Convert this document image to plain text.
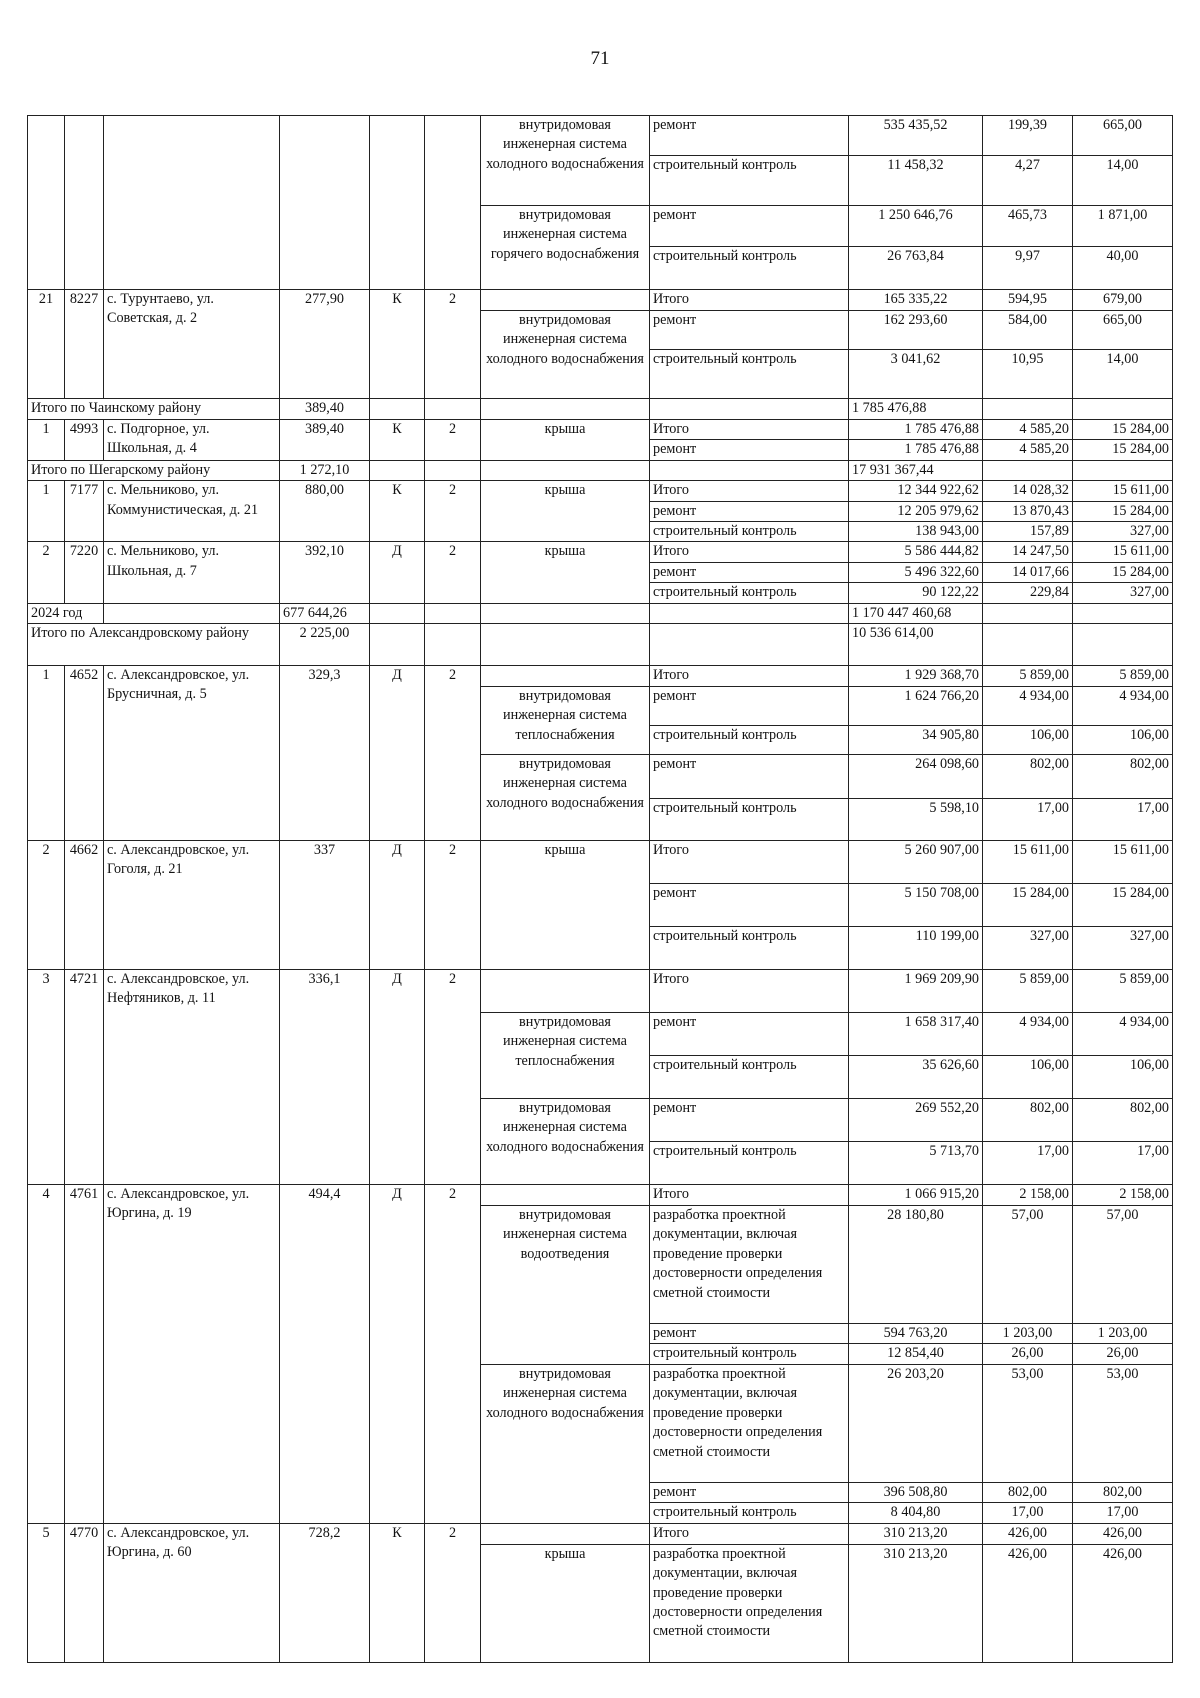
71
						внутридомовая инженерная система холодного водоснабжения	ремонт	535 435,52	199,39	665,00
							строительный контроль	11 458,32	4,27	14,00
						внутридомовая инженерная система горячего водоснабжения	ремонт	1 250 646,76	465,73	1 871,00
							строительный контроль	26 763,84	9,97	40,00
21	8227	с. Турунтаево, ул. Советская, д. 2	277,90	К	2		Итого	165 335,22	594,95	679,00
						внутридомовая инженерная система холодного водоснабжения	ремонт	162 293,60	584,00	665,00
							строительный контроль	3 041,62	10,95	14,00
Итого по Чаинскому району			389,40					1 785 476,88		
1	4993	с. Подгорное, ул. Школьная, д. 4	389,40	К	2	крыша	Итого	1 785 476,88	4 585,20	15 284,00
							ремонт	1 785 476,88	4 585,20	15 284,00
Итого по Шегарскому району			1 272,10					17 931 367,44		
1	7177	с. Мельниково, ул. Коммунистическая, д. 21	880,00	К	2	крыша	Итого	12 344 922,62	14 028,32	15 611,00
							ремонт	12 205 979,62	13 870,43	15 284,00
							строительный контроль	138 943,00	157,89	327,00
2	7220	с. Мельниково, ул. Школьная, д. 7	392,10	Д	2	крыша	Итого	5 586 444,82	14 247,50	15 611,00
							ремонт	5 496 322,60	14 017,66	15 284,00
							строительный контроль	90 122,22	229,84	327,00
2024 год			677 644,26					1 170 447 460,68		
Итого по Александровскому району			2 225,00					10 536 614,00		
1	4652	с. Александровское, ул. Брусничная, д. 5	329,3	Д	2		Итого	1 929 368,70	5 859,00	5 859,00
						внутридомовая инженерная система теплоснабжения	ремонт	1 624 766,20	4 934,00	4 934,00
							строительный контроль	34 905,80	106,00	106,00
						внутридомовая инженерная система холодного водоснабжения	ремонт	264 098,60	802,00	802,00
							строительный контроль	5 598,10	17,00	17,00
2	4662	с. Александровское, ул. Гоголя, д. 21	337	Д	2	крыша	Итого	5 260 907,00	15 611,00	15 611,00
							ремонт	5 150 708,00	15 284,00	15 284,00
							строительный контроль	110 199,00	327,00	327,00
3	4721	с. Александровское, ул. Нефтяников, д. 11	336,1	Д	2		Итого	1 969 209,90	5 859,00	5 859,00
						внутридомовая инженерная система теплоснабжения	ремонт	1 658 317,40	4 934,00	4 934,00
							строительный контроль	35 626,60	106,00	106,00
						внутридомовая инженерная система холодного водоснабжения	ремонт	269 552,20	802,00	802,00
							строительный контроль	5 713,70	17,00	17,00
4	4761	с. Александровское, ул. Юргина, д. 19	494,4	Д	2		Итого	1 066 915,20	2 158,00	2 158,00
						внутридомовая инженерная система водоотведения	разработка проектной документации, включая проведение проверки достоверности определения сметной стоимости	28 180,80	57,00	57,00
							ремонт	594 763,20	1 203,00	1 203,00
							строительный контроль	12 854,40	26,00	26,00
						внутридомовая инженерная система холодного водоснабжения	разработка проектной документации, включая проведение проверки достоверности определения сметной стоимости	26 203,20	53,00	53,00
							ремонт	396 508,80	802,00	802,00
							строительный контроль	8 404,80	17,00	17,00
5	4770	с. Александровское, ул. Юргина, д. 60	728,2	К	2		Итого	310 213,20	426,00	426,00
						крыша	разработка проектной документации, включая проведение проверки достоверности определения сметной стоимости	310 213,20	426,00	426,00
